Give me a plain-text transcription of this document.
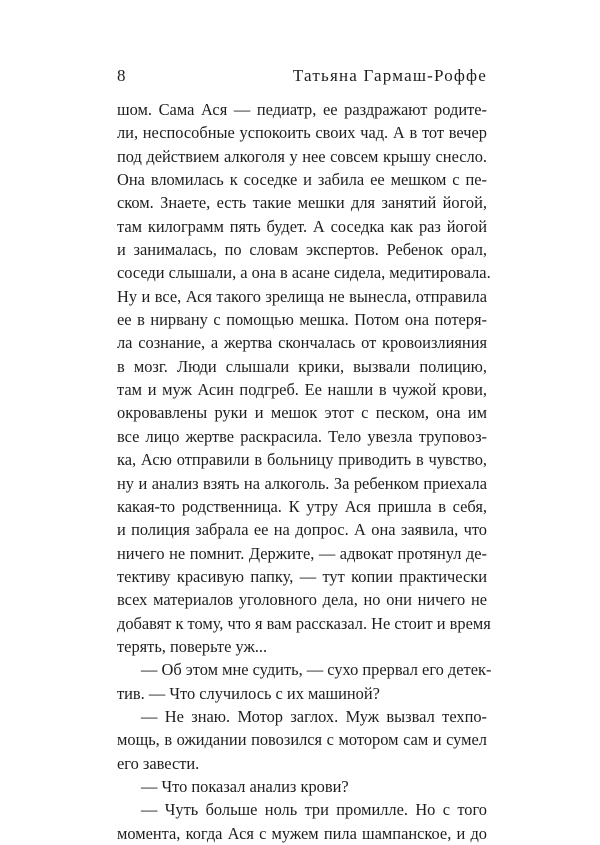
8	Татьяна Гармаш-Роффе
шом. Сама Ася — педиатр, ее раздражают родите-
ли, неспособные успокоить своих чад. А в тот вечер
под действием алкоголя у нее совсем крышу снесло.
Она вломилась к соседке и забила ее мешком с пе-
ском. Знаете, есть такие мешки для занятий йогой,
там килограмм пять будет. А соседка как раз йогой
и занималась, по словам экспертов. Ребенок орал,
соседи слышали, а она в асане сидела, медитировала.
Ну и все, Ася такого зрелища не вынесла, отправила
ее в нирвану с помощью мешка. Потом она потеря-
ла сознание, а жертва скончалась от кровоизлияния
в мозг. Люди слышали крики, вызвали полицию,
там и муж Асин подгреб. Ее нашли в чужой крови,
окровавлены руки и мешок этот с песком, она им
все лицо жертве раскрасила. Тело увезла труповоз-
ка, Асю отправили в больницу приводить в чувство,
ну и анализ взять на алкоголь. За ребенком приехала
какая-то родственница. К утру Ася пришла в себя,
и полиция забрала ее на допрос. А она заявила, что
ничего не помнит. Держите, — адвокат протянул де-
тективу красивую папку, — тут копии практически
всех материалов уголовного дела, но они ничего не
добавят к тому, что я вам рассказал. Не стоит и время
терять, поверьте уж...
— Об этом мне судить, — сухо прервал его детек-
тив. — Что случилось с их машиной?
— Не знаю. Мотор заглох. Муж вызвал техпо-
мощь, в ожидании повозился с мотором сам и сумел
его завести.
— Что показал анализ крови?
— Чуть больше ноль три промилле. Но с того
момента, когда Ася с мужем пила шампанское, и до
